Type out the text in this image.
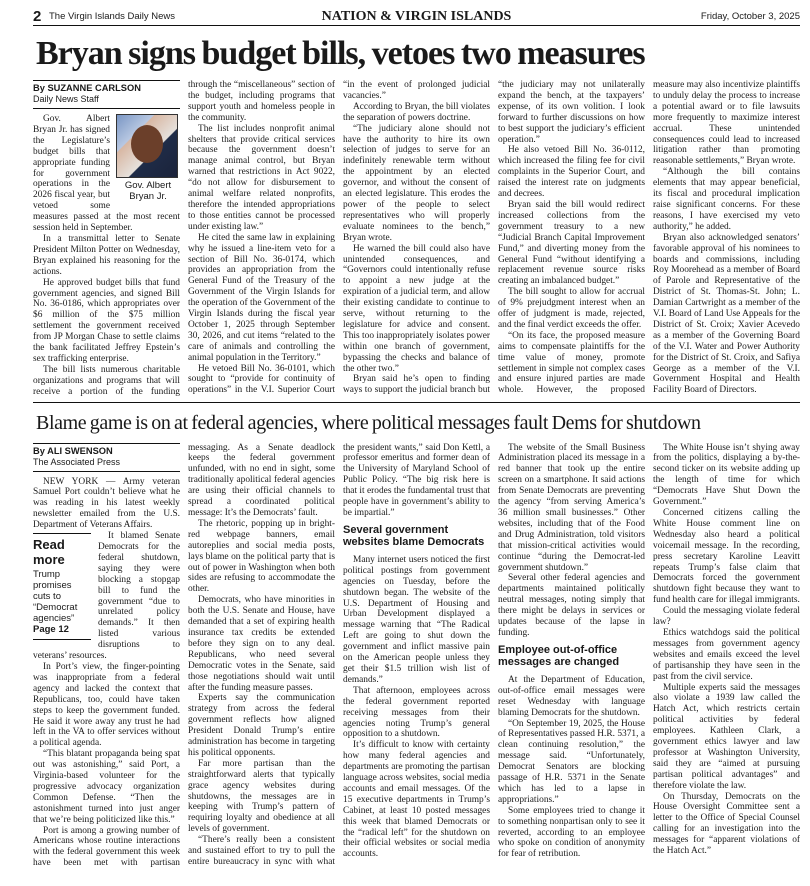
2 The Virgin Islands Daily News	NATION & VIRGIN ISLANDS	Friday, October 3, 2025
Bryan signs budget bills, vetoes two measures
By SUZANNE CARLSON
Daily News Staff
Gov. Albert Bryan Jr.

Gov. Albert Bryan Jr. has signed the Legislature’s budget bills that appropriate funding for government operations in the 2026 fiscal year, but vetoed some measures passed at the most recent session held in September.

In a transmittal letter to Senate President Milton Potter on Wednesday, Bryan explained his reasoning for the actions.

He approved budget bills that fund government agencies, and signed Bill No. 36-0186, which appropriates over $6 million of the $75 million settlement the government received from JP Morgan Chase to settle claims the bank facilitated Jeffrey Epstein’s sex trafficking enterprise.

The bill lists numerous charitable organizations and programs that will receive a portion of the funding through the “miscellaneous” section of the budget, including programs that support youth and homeless people in the community.

The list includes nonprofit animal shelters that provide critical services because the government doesn’t manage animal control, but Bryan warned that restrictions in Act 9022, “do not allow for disbursement to animal welfare related nonprofits, therefore the intended appropriations to those entities cannot be processed under existing law.”

He cited the same law in explaining why he issued a line-item veto for a section of Bill No. 36-0174, which provides an appropriation from the General Fund of the Treasury of the Government of the Virgin Islands for the operation of the Government of the Virgin Islands during the fiscal year October 1, 2025 through September 30, 2026, and cut items “related to the care of animals and controlling the animal population in the Territory.”

He vetoed Bill No. 36-0101, which sought to “provide for continuity of operations” in the V.I. Superior Court “in the event of prolonged judicial vacancies.”

According to Bryan, the bill violates the separation of powers doctrine.

“The judiciary alone should not have the authority to hire its own selection of judges to serve for an indefinitely renewable term without the appointment by an elected governor, and without the consent of an elected legislature. This erodes the power of the people to select representatives who will properly evaluate nominees to the bench,” Bryan wrote.

He warned the bill could also have unintended consequences, and “Governors could intentionally refuse to appoint a new judge at the expiration of a judicial term, and allow their existing candidate to continue to serve, without returning to the legislature for advice and consent. This too inappropriately isolates power within one branch of government, bypassing the checks and balance of the other two.”

Bryan said he’s open to finding ways to support the judicial branch but “the judiciary may not unilaterally expand the bench, at the taxpayers’ expense, of its own volition. I look forward to further discussions on how to best support the judiciary’s efficient operation.”

He also vetoed Bill No. 36-0112, which increased the filing fee for civil complaints in the Superior Court, and raised the interest rate on judgments and decrees.

Bryan said the bill would redirect increased collections from the government treasury to a new “Judicial Branch Capital Improvement Fund,” and diverting money from the General Fund “without identifying a replacement revenue source risks creating an imbalanced budget.”

The bill sought to allow for accrual of 9% prejudgment interest when an offer of judgment is made, rejected, and the final verdict exceeds the offer.

“On its face, the proposed measure aims to compensate plaintiffs for the time value of money, promote settlement in simple not complex cases and ensure injured parties are made whole. However, the proposed measure may also incentivize plaintiffs to unduly delay the process to increase a potential award or to file lawsuits more frequently to maximize interest accrual. These unintended consequences could lead to increased litigation rather than promoting reasonable settlements,” Bryan wrote.

“Although the bill contains elements that may appear beneficial, its fiscal and procedural implication raise significant concerns. For these reasons, I have exercised my veto authority,” he added.

Bryan also acknowledged senators’ favorable approval of his nominees to boards and commissions, including Roy Moorehead as a member of Board of Parole and Representative of the District of St. Thomas-St. John; L. Damian Cartwright as a member of the V.I. Board of Land Use Appeals for the District of St. Croix; Xavier Acevedo as a member of the Governing Board of the V.I. Water and Power Authority for the District of St. Croix, and Safiya George as a member of the V.I. Government Hospital and Health Facility Board of Directors.

Blame game is on at federal agencies, where political messages fault Dems for shutdown
By ALI SWENSON
The Associated Press

NEW YORK — Army veteran Samuel Port couldn’t believe what he was reading in his latest weekly newsletter emailed from the U.S. Department of Veterans Affairs.

Read more
Trump promises cuts to “Democrat agencies”
Page 12

It blamed Senate Democrats for the federal shutdown, saying they were blocking a stopgap bill to fund the government “due to unrelated policy demands.” It then listed various disruptions to veterans’ resources.

In Port’s view, the finger-pointing was inappropriate from a federal agency and lacked the context that Republicans, too, could have taken steps to keep the government funded. He said it wore away any trust he had left in the VA to offer services without a political agenda.

“This blatant propaganda being spat out was astonishing,” said Port, a Virginia-based volunteer for the progressive advocacy organization Common Defense. “Then the astonishment turned into just anger that we’re being politicized like this.”

Port is among a growing number of Americans whose routine interactions with the federal government this week have been met with partisan messaging. As a Senate deadlock keeps the federal government unfunded, with no end in sight, some traditionally apolitical federal agencies are using their official channels to spread a coordinated political message: It’s the Democrats’ fault.

The rhetoric, popping up in bright-red webpage banners, email autoreplies and social media posts, lays blame on the political party that is out of power in Washington when both sides are refusing to accommodate the other.

Democrats, who have minorities in both the U.S. Senate and House, have demanded that a set of expiring health insurance tax credits be extended before they sign on to any deal. Republicans, who need several Democratic votes in the Senate, said those negotiations should wait until after the funding measure passes.

Experts say the communication strategy from across the federal government reflects how aligned President Donald Trump’s entire administration has become in targeting his political opponents.

Far more partisan than the straightforward alerts that typically grace agency websites during shutdowns, the messages are in keeping with Trump’s pattern of requiring loyalty and obedience at all levels of government.

“There’s really been a consistent and sustained effort to try to pull the entire bureaucracy in sync with what the president wants,” said Don Kettl, a professor emeritus and former dean of the University of Maryland School of Public Policy. “The big risk here is that it erodes the fundamental trust that people have in government’s ability to be impartial.”

Several government websites blame Democrats

Many internet users noticed the first political postings from government agencies on Tuesday, before the shutdown began. The website of the U.S. Department of Housing and Urban Development displayed a message warning that “The Radical Left are going to shut down the government and inflict massive pain on the American people unless they get their $1.5 trillion wish list of demands.”

That afternoon, employees across the federal government reported receiving messages from their agencies noting Trump’s general opposition to a shutdown.

It’s difficult to know with certainty how many federal agencies and departments are promoting the partisan language across websites, social media accounts and email messages. Of the 15 executive departments in Trump’s Cabinet, at least 10 posted messages this week that blamed Democrats or the “radical left” for the shutdown on their official websites or social media accounts.

The website of the Small Business Administration placed its message in a red banner that took up the entire screen on a smartphone. It said actions from Senate Democrats are preventing the agency “from serving America’s 36 million small businesses.” Other websites, including that of the Food and Drug Administration, told visitors that mission-critical activities would continue “during the Democrat-led government shutdown.”

Several other federal agencies and departments maintained politically neutral messages, noting simply that there might be delays in services or updates because of the lapse in funding.

Employee out-of-office messages are changed

At the Department of Education, out-of-office email messages were reset Wednesday with language blaming Democrats for the shutdown.

“On September 19, 2025, the House of Representatives passed H.R. 5371, a clean continuing resolution,” the message said. “Unfortunately, Democrat Senators are blocking passage of H.R. 5371 in the Senate which has led to a lapse in appropriations.”

Some employees tried to change it to something nonpartisan only to see it reverted, according to an employee who spoke on condition of anonymity for fear of retribution.

The White House isn’t shying away from the politics, displaying a by-the-second ticker on its website adding up the length of time for which “Democrats Have Shut Down the Government.”

Concerned citizens calling the White House comment line on Wednesday also heard a political voicemail message. In the recording, press secretary Karoline Leavitt repeats Trump’s false claim that Democrats forced the government shutdown fight because they want to fund health care for illegal immigrants.

Could the messaging violate federal law?

Ethics watchdogs said the political messages from government agency websites and emails exceed the level of partisanship they have seen in the past from the civil service.

Multiple experts said the messages also violate a 1939 law called the Hatch Act, which restricts certain political activities by federal employees. Kathleen Clark, a government ethics lawyer and law professor at Washington University, said they are “aimed at pursuing partisan political advantages” and therefore violate the law.

On Thursday, Democrats on the House Oversight Committee sent a letter to the Office of Special Counsel calling for an investigation into the messages for “apparent violations of the Hatch Act.”
